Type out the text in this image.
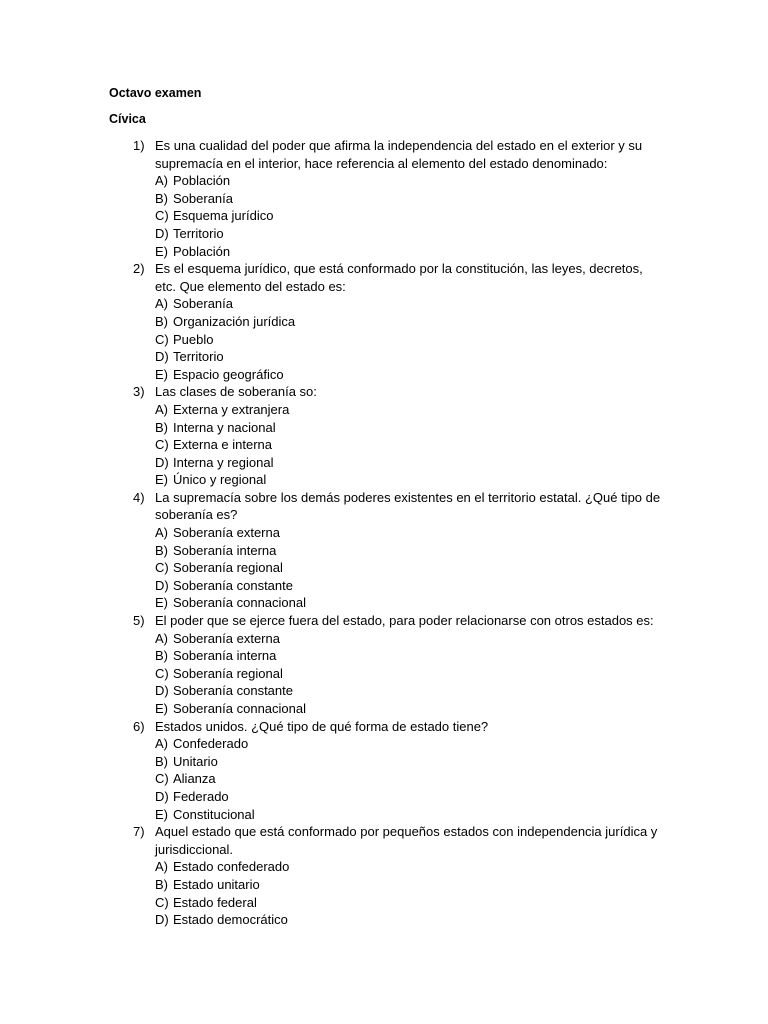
Octavo examen

Cívica

1) Es una cualidad del poder que afirma la independencia del estado en el exterior y su supremacía en el interior, hace referencia al elemento del estado denominado:
A) Población
B) Soberanía
C) Esquema jurídico
D) Territorio
E) Población
2) Es el esquema jurídico, que está conformado por la constitución, las leyes, decretos, etc. Que elemento del estado es:
A) Soberanía
B) Organización jurídica
C) Pueblo
D) Territorio
E) Espacio geográfico
3) Las clases de soberanía so:
A) Externa y extranjera
B) Interna y nacional
C) Externa e interna
D) Interna y regional
E) Único y regional
4) La supremacía sobre los demás poderes existentes en el territorio estatal. ¿Qué tipo de soberanía es?
A) Soberanía externa
B) Soberanía interna
C) Soberanía regional
D) Soberanía constante
E) Soberanía connacional
5) El poder que se ejerce fuera del estado, para poder relacionarse con otros estados es:
A) Soberanía externa
B) Soberanía interna
C) Soberanía regional
D) Soberanía constante
E) Soberanía connacional
6) Estados unidos. ¿Qué tipo de qué forma de estado tiene?
A) Confederado
B) Unitario
C) Alianza
D) Federado
E) Constitucional
7) Aquel estado que está conformado por pequeños estados con independencia jurídica y jurisdiccional.
A) Estado confederado
B) Estado unitario
C) Estado federal
D) Estado democrático
